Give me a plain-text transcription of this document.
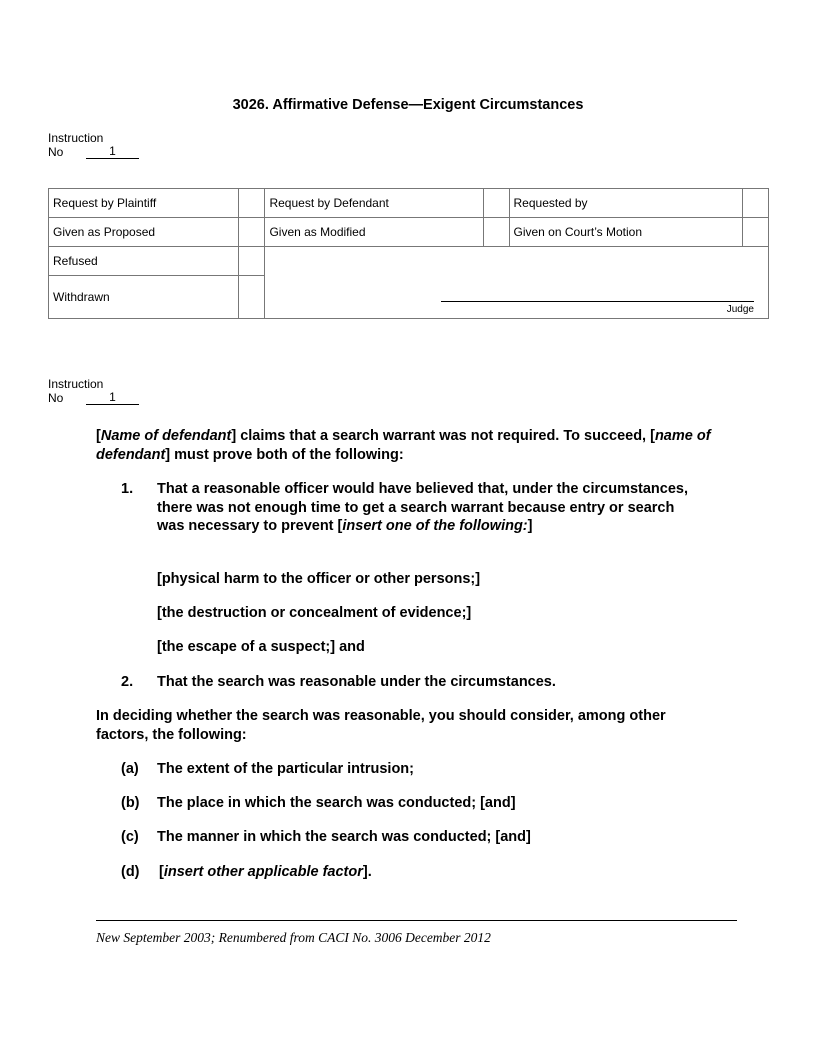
3026. Affirmative Defense—Exigent Circumstances
Instruction
No	1
Request by Plaintiff		Request by Defendant		Requested by	
Given as Proposed		Given as Modified		Given on Court’s Motion	
Refused		Judge			

Withdrawn					
Instruction
No	1

[Name of defendant] claims that a search warrant was not required. To succeed, [name of defendant] must prove both of the following:

1. That a reasonable officer would have believed that, under the circumstances, there was not enough time to get a search warrant because entry or search was necessary to prevent [insert one of the following:]
[physical harm to the officer or other persons;]
[the destruction or concealment of evidence;]
[the escape of a suspect;] and
2. That the search was reasonable under the circumstances.

In deciding whether the search was reasonable, you should consider, among other factors, the following:

(a) The extent of the particular intrusion;
(b) The place in which the search was conducted; [and]
(c) The manner in which the search was conducted; [and]
(d) [insert other applicable factor].
New September 2003; Renumbered from CACI No. 3006 December 2012
